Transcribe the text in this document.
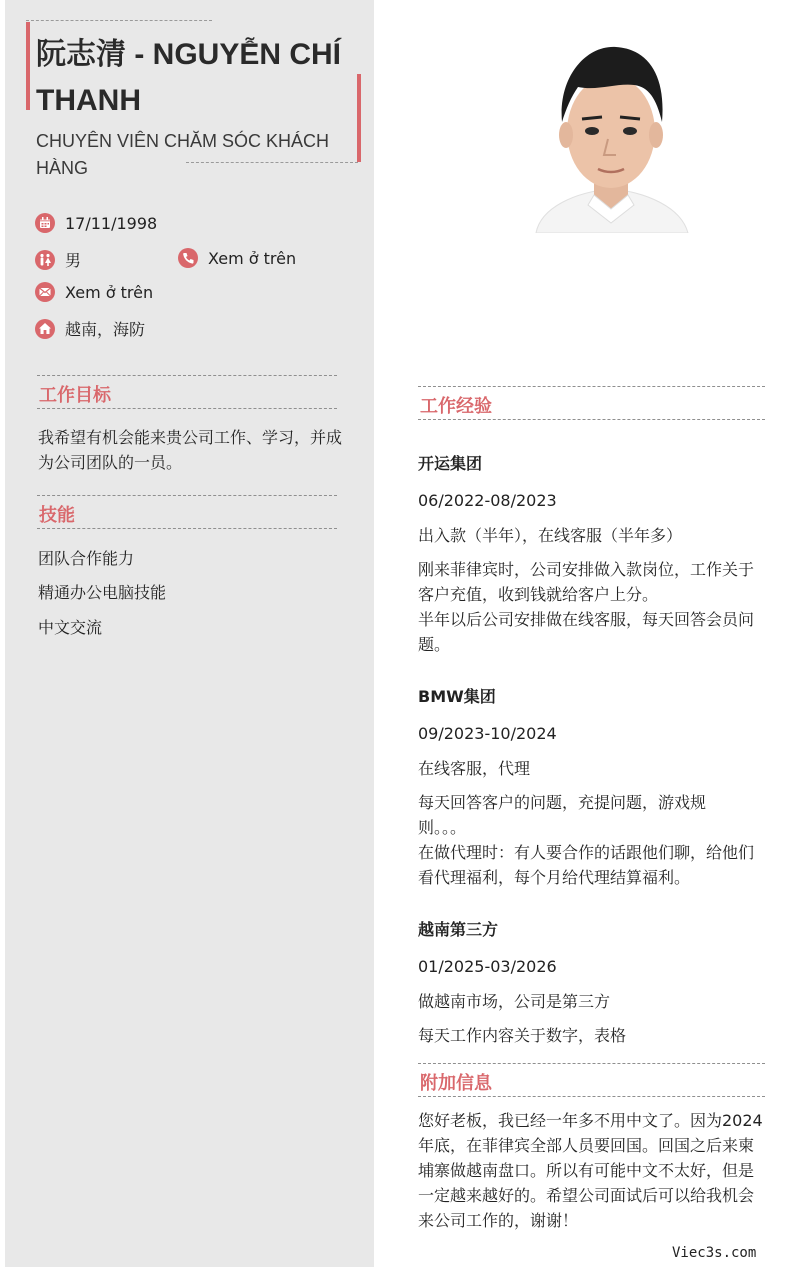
阮志清 - NGUYỄN CHÍ THANH
CHUYÊN VIÊN CHĂM SÓC KHÁCH HÀNG
17/11/1998
男	Xem ở trên
Xem ở trên
越南，海防
工作目标
我希望有机会能来贵公司工作、学习，并成为公司团队的一员。
技能
团队合作能力
精通办公电脑技能
中文交流
工作经验
开运集团
06/2022-08/2023
出入款（半年），在线客服（半年多）
刚来菲律宾时，公司安排做入款岗位，工作关于客户充值，收到钱就给客户上分。
半年以后公司安排做在线客服，每天回答会员问题。
BMW集团
09/2023-10/2024
在线客服，代理
每天回答客户的问题，充提问题，游戏规则。。。
在做代理时：有人要合作的话跟他们聊，给他们看代理福利，每个月给代理结算福利。
越南第三方
01/2025-03/2026
做越南市场，公司是第三方
每天工作内容关于数字，表格
附加信息
您好老板，我已经一年多不用中文了。因为2024年底，在菲律宾全部人员要回国。回国之后来柬埔寨做越南盘口。所以有可能中文不太好，但是一定越来越好的。希望公司面试后可以给我机会来公司工作的，谢谢！
Viec3s.com
